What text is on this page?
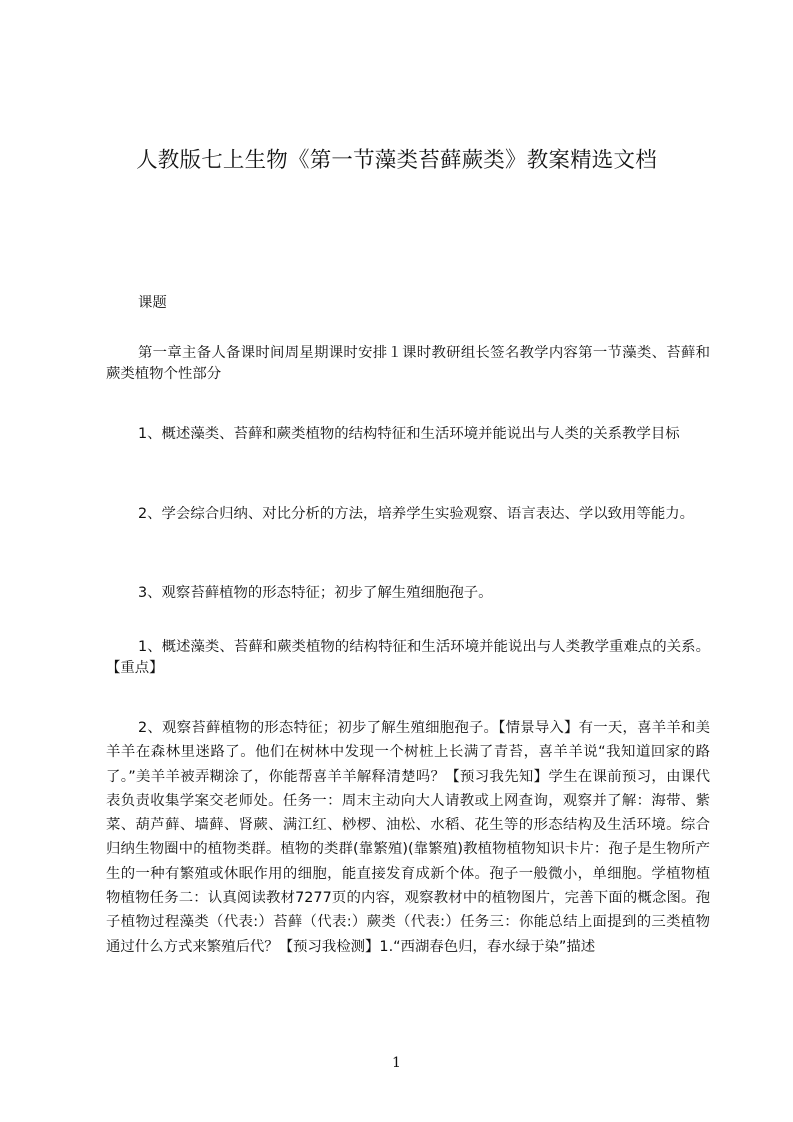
人教版七上生物《第一节藻类苔藓蕨类》教案精选文档
课题

第一章主备人备课时间周星期课时安排１课时教研组长签名教学内容第一节藻类、苔藓和蕨类植物个性部分

1、概述藻类、苔藓和蕨类植物的结构特征和生活环境并能说出与人类的关系教学目标

2、学会综合归纳、对比分析的方法，培养学生实验观察、语言表达、学以致用等能力。

3、观察苔藓植物的形态特征；初步了解生殖细胞孢子。

1、概述藻类、苔藓和蕨类植物的结构特征和生活环境并能说出与人类教学重难点的关系。【重点】

2、观察苔藓植物的形态特征；初步了解生殖细胞孢子。【情景导入】有一天，喜羊羊和美羊羊在森林里迷路了。他们在树林中发现一个树桩上长满了青苔，喜羊羊说“我知道回家的路了。”美羊羊被弄糊涂了，你能帮喜羊羊解释清楚吗？【预习我先知】学生在课前预习，由课代表负责收集学案交老师处。任务一：周末主动向大人请教或上网查询，观察并了解：海带、紫菜、葫芦藓、墙藓、肾蕨、满江红、桫椤、油松、水稻、花生等的形态结构及生活环境。综合归纳生物圈中的植物类群。植物的类群(靠繁殖)(靠繁殖)教植物植物知识卡片：孢子是生物所产生的一种有繁殖或休眠作用的细胞，能直接发育成新个体。孢子一般微小，单细胞。学植物植物植物任务二：认真阅读教材7277页的内容，观察教材中的植物图片，完善下面的概念图。孢子植物过程藻类（代表:）苔藓（代表:）蕨类（代表:）任务三：你能总结上面提到的三类植物通过什么方式来繁殖后代？【预习我检测】1.“西湖春色归，春水绿于染”描述

1
